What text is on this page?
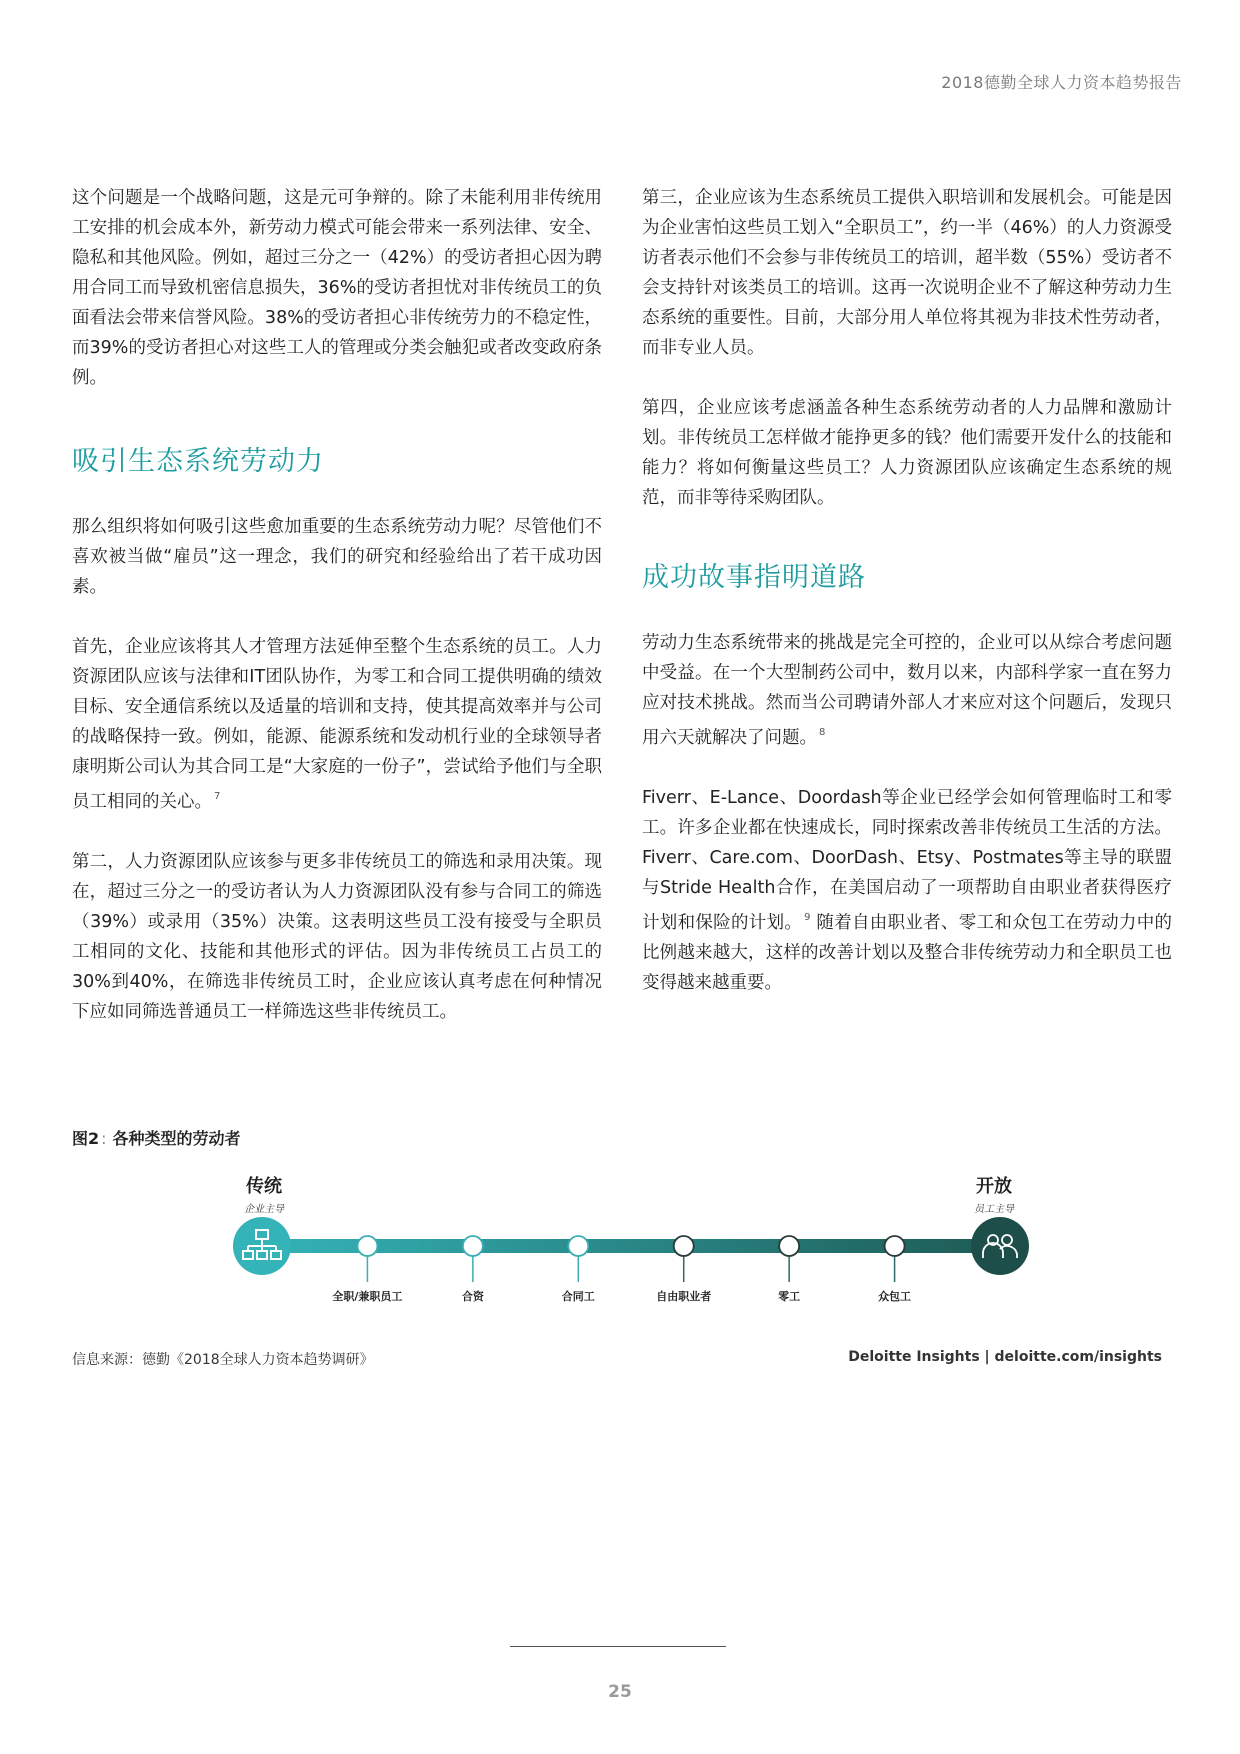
2018德勤全球人力资本趋势报告

这个问题是一个战略问题，这是元可争辩的。除了未能利用非传统用工安排的机会成本外，新劳动力模式可能会带来一系列法律、安全、隐私和其他风险。例如，超过三分之一（42%）的受访者担心因为聘用合同工而导致机密信息损失，36%的受访者担忧对非传统员工的负面看法会带来信誉风险。38%的受访者担心非传统劳力的不稳定性，而39%的受访者担心对这些工人的管理或分类会触犯或者改变政府条例。

吸引生态系统劳动力

那么组织将如何吸引这些愈加重要的生态系统劳动力呢？尽管他们不喜欢被当做“雇员”这一理念，我们的研究和经验给出了若干成功因素。

首先，企业应该将其人才管理方法延伸至整个生态系统的员工。人力资源团队应该与法律和IT团队协作，为零工和合同工提供明确的绩效目标、安全通信系统以及适量的培训和支持，使其提高效率并与公司的战略保持一致。例如，能源、能源系统和发动机行业的全球领导者康明斯公司认为其合同工是“大家庭的一份子”，尝试给予他们与全职员工相同的关心。 $^7$

第二，人力资源团队应该参与更多非传统员工的筛选和录用决策。现在，超过三分之一的受访者认为人力资源团队没有参与合同工的筛选（39%）或录用（35%）决策。这表明这些员工没有接受与全职员工相同的文化、技能和其他形式的评估。因为非传统员工占员工的30%到40%，在筛选非传统员工时，企业应该认真考虑在何种情况下应如同筛选普通员工一样筛选这些非传统员工。

第三，企业应该为生态系统员工提供入职培训和发展机会。可能是因为企业害怕这些员工划入“全职员工”，约一半（46%）的人力资源受访者表示他们不会参与非传统员工的培训，超半数（55%）受访者不会支持针对该类员工的培训。这再一次说明企业不了解这种劳动力生态系统的重要性。目前，大部分用人单位将其视为非技术性劳动者，而非专业人员。

第四，企业应该考虑涵盖各种生态系统劳动者的人力品牌和激励计划。非传统员工怎样做才能挣更多的钱？他们需要开发什么的技能和能力？将如何衡量这些员工？人力资源团队应该确定生态系统的规范，而非等待采购团队。

成功故事指明道路

劳动力生态系统带来的挑战是完全可控的，企业可以从综合考虑问题中受益。在一个大型制药公司中，数月以来，内部科学家一直在努力应对技术挑战。然而当公司聘请外部人才来应对这个问题后，发现只用六天就解决了问题。 $^8$

Fiverr、E-Lance、Doordash等企业已经学会如何管理临时工和零工。许多企业都在快速成长，同时探索改善非传统员工生活的方法。Fiverr、Care.com、DoorDash、Etsy、Postmates等主导的联盟与Stride Health合作，在美国启动了一项帮助自由职业者获得医疗计划和保险的计划。 $^9$ 随着自由职业者、零工和众包工在劳动力中的比例越来越大，这样的改善计划以及整合非传统劳动力和全职员工也变得越来越重要。

图2 : 各种类型的劳动者
传统
企业主导
开放
员工主导
全职/兼职员工	合资	合同工	自由职业者	零工	众包工
信息来源：德勤《2018全球人力资本趋势调研》	Deloitte Insights | deloitte.com/insights
25
